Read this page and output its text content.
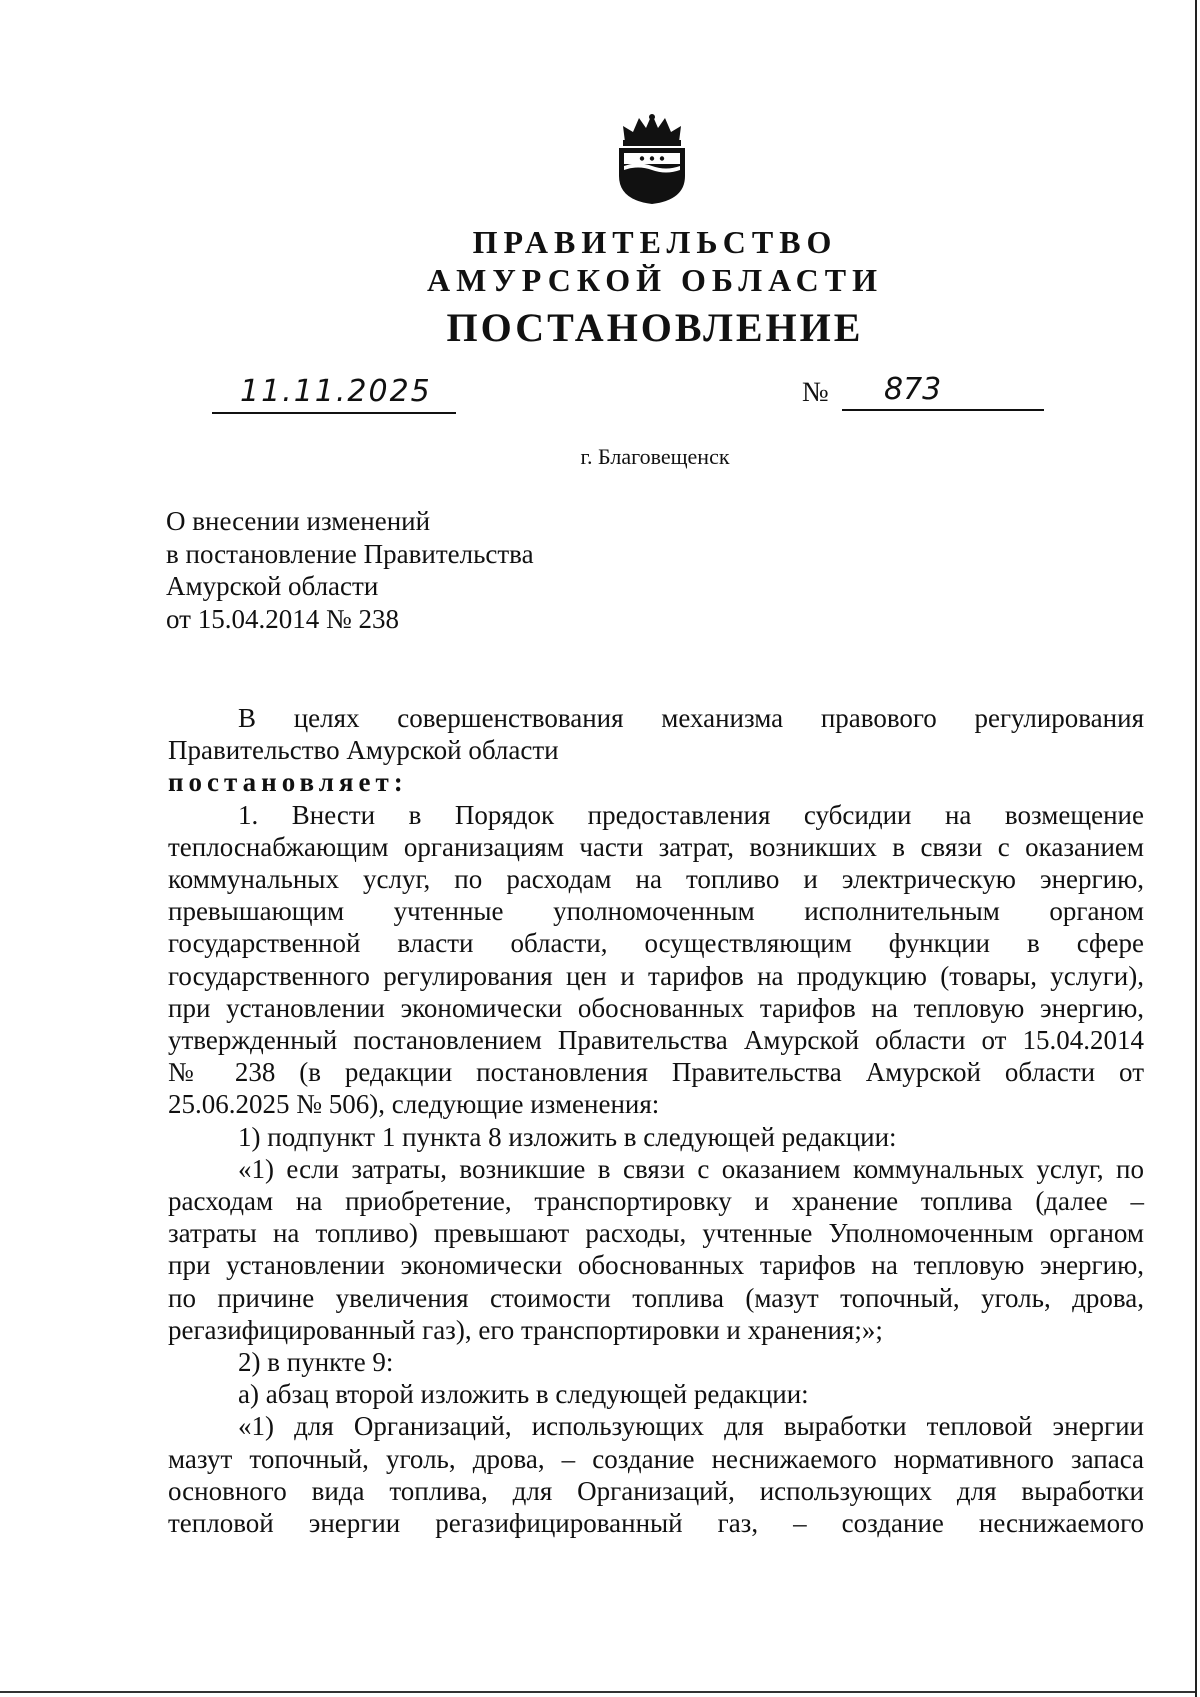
ПРАВИТЕЛЬСТВО
АМУРСКОЙ ОБЛАСТИ
ПОСТАНОВЛЕНИЕ
11.11.2025	№ 873
г. Благовещенск
О внесении изменений
в постановление Правительства
Амурской области
от 15.04.2014 № 238

В целях совершенствования механизма правового регулирования

Правительство Амурской области

постановляет:

1. Внести в Порядок предоставления субсидии на возмещение

теплоснабжающим организациям части затрат, возникших в связи с оказанием

коммунальных услуг, по расходам на топливо и электрическую энергию,

превышающим учтенные уполномоченным исполнительным органом

государственной власти области, осуществляющим функции в сфере

государственного регулирования цен и тарифов на продукцию (товары, услуги),

при установлении экономически обоснованных тарифов на тепловую энергию,

утвержденный постановлением Правительства Амурской области от 15.04.2014

№ 238 (в редакции постановления Правительства Амурской области от

25.06.2025 № 506), следующие изменения:

1) подпункт 1 пункта 8 изложить в следующей редакции:

«1) если затраты, возникшие в связи с оказанием коммунальных услуг, по

расходам на приобретение, транспортировку и хранение топлива (далее –

затраты на топливо) превышают расходы, учтенные Уполномоченным органом

при установлении экономически обоснованных тарифов на тепловую энергию,

по причине увеличения стоимости топлива (мазут топочный, уголь, дрова,

регазифицированный газ), его транспортировки и хранения;»;

2) в пункте 9:

а) абзац второй изложить в следующей редакции:

«1) для Организаций, использующих для выработки тепловой энергии

мазут топочный, уголь, дрова, – создание неснижаемого нормативного запаса

основного вида топлива, для Организаций, использующих для выработки

тепловой энергии регазифицированный газ, – создание неснижаемого
